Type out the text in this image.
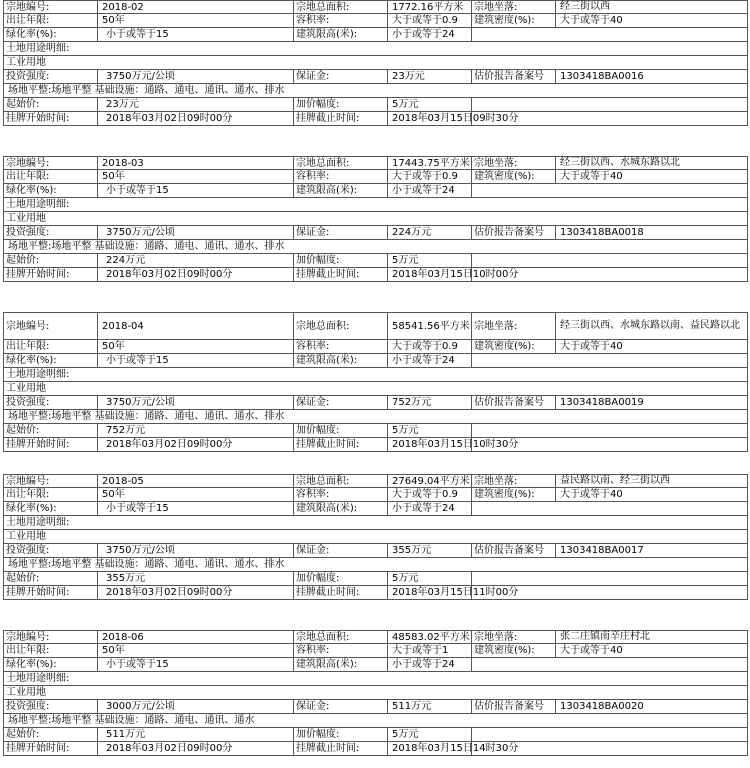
宗地编号:	2018-02	宗地总面积:	1772.16平方米	宗地坐落:	经三街以西
出让年限:	50年	容积率:	大于或等于0.9	建筑密度(%):	大于或等于40
绿化率(%):	小于或等于15	建筑限高(米):	小于或等于24		
土地用途明细:					
工业用地					
投资强度:	3750万元/公顷	保证金:	23万元	估价报告备案号	1303418BA0016
场地平整:场地平整 基础设施：通路、通电、通讯、通水、排水					
起始价:	23万元	加价幅度:	5万元		
挂牌开始时间:	2018年03月02日09时00分	挂牌截止时间:	2018年03月15日09时30分		
宗地编号:	2018-03	宗地总面积:	17443.75平方米	宗地坐落:	经三街以西、水城东路以北
出让年限:	50年	容积率:	大于或等于0.9	建筑密度(%):	大于或等于40
绿化率(%):	小于或等于15	建筑限高(米):	小于或等于24		
土地用途明细:					
工业用地					
投资强度:	3750万元/公顷	保证金:	224万元	估价报告备案号	1303418BA0018
场地平整:场地平整 基础设施：通路、通电、通讯、通水、排水					
起始价:	224万元	加价幅度:	5万元		
挂牌开始时间:	2018年03月02日09时00分	挂牌截止时间:	2018年03月15日10时00分		
宗地编号:	2018-04	宗地总面积:	58541.56平方米	宗地坐落:	经三街以西、水城东路以南、益民路以北
出让年限:	50年	容积率:	大于或等于0.9	建筑密度(%):	大于或等于40
绿化率(%):	小于或等于15	建筑限高(米):	小于或等于24		
土地用途明细:					
工业用地					
投资强度:	3750万元/公顷	保证金:	752万元	估价报告备案号	1303418BA0019
场地平整:场地平整 基础设施：通路、通电、通讯、通水、排水					
起始价:	752万元	加价幅度:	5万元		
挂牌开始时间:	2018年03月02日09时00分	挂牌截止时间:	2018年03月15日10时30分		
宗地编号:	2018-05	宗地总面积:	27649.04平方米	宗地坐落:	益民路以南、经三街以西
出让年限:	50年	容积率:	大于或等于0.9	建筑密度(%):	大于或等于40
绿化率(%):	小于或等于15	建筑限高(米):	小于或等于24		
土地用途明细:					
工业用地					
投资强度:	3750万元/公顷	保证金:	355万元	估价报告备案号	1303418BA0017
场地平整:场地平整 基础设施：通路、通电、通讯、通水、排水					
起始价:	355万元	加价幅度:	5万元		
挂牌开始时间:	2018年03月02日09时00分	挂牌截止时间:	2018年03月15日11时00分		
宗地编号:	2018-06	宗地总面积:	48583.02平方米	宗地坐落:	张二庄镇南辛庄村北
出让年限:	50年	容积率:	大于或等于1	建筑密度(%):	大于或等于40
绿化率(%):	小于或等于15	建筑限高(米):	小于或等于24		
土地用途明细:					
工业用地					
投资强度:	3000万元/公顷	保证金:	511万元	估价报告备案号	1303418BA0020
场地平整:场地平整 基础设施：通路、通电、通讯、通水					
起始价:	511万元	加价幅度:	5万元		
挂牌开始时间:	2018年03月02日09时00分	挂牌截止时间:	2018年03月15日14时30分		
